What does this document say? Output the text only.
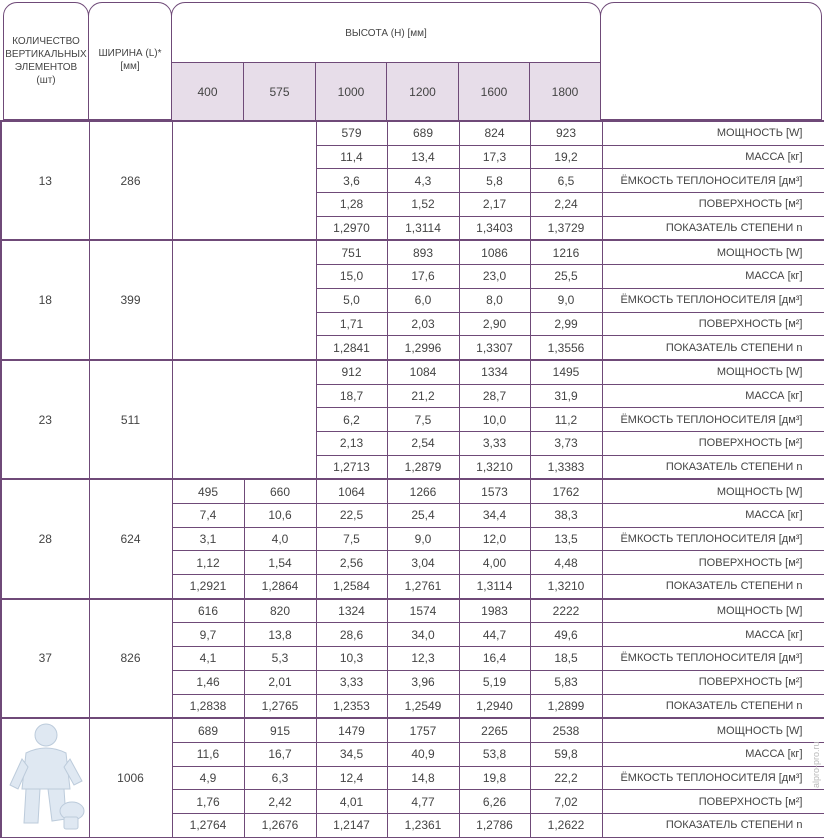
КОЛИЧЕСТВО ВЕРТИКАЛЬНЫХ ЭЛЕМЕНТОВ
(шт)
ШИРИНА (L)*
[мм]
ВЫСОТА (H) [мм]
400	575	1000	1200	1600	1800
13	286			579	689	824	923	МОЩНОСТЬ [W]
				11,4	13,4	17,3	19,2	МАССА [кг]
				3,6	4,3	5,8	6,5	ЁМКОСТЬ ТЕПЛОНОСИТЕЛЯ [дм³]
				1,28	1,52	2,17	2,24	ПОВЕРХНОСТЬ [м²]
				1,2970	1,3114	1,3403	1,3729	ПОКАЗАТЕЛЬ СТЕПЕНИ n
18	399			751	893	1086	1216	МОЩНОСТЬ [W]
				15,0	17,6	23,0	25,5	МАССА [кг]
				5,0	6,0	8,0	9,0	ЁМКОСТЬ ТЕПЛОНОСИТЕЛЯ [дм³]
				1,71	2,03	2,90	2,99	ПОВЕРХНОСТЬ [м²]
				1,2841	1,2996	1,3307	1,3556	ПОКАЗАТЕЛЬ СТЕПЕНИ n
23	511			912	1084	1334	1495	МОЩНОСТЬ [W]
				18,7	21,2	28,7	31,9	МАССА [кг]
				6,2	7,5	10,0	11,2	ЁМКОСТЬ ТЕПЛОНОСИТЕЛЯ [дм³]
				2,13	2,54	3,33	3,73	ПОВЕРХНОСТЬ [м²]
				1,2713	1,2879	1,3210	1,3383	ПОКАЗАТЕЛЬ СТЕПЕНИ n
28	624	495	660	1064	1266	1573	1762	МОЩНОСТЬ [W]
		7,4	10,6	22,5	25,4	34,4	38,3	МАССА [кг]
		3,1	4,0	7,5	9,0	12,0	13,5	ЁМКОСТЬ ТЕПЛОНОСИТЕЛЯ [дм³]
		1,12	1,54	2,56	3,04	4,00	4,48	ПОВЕРХНОСТЬ [м²]
		1,2921	1,2864	1,2584	1,2761	1,3114	1,3210	ПОКАЗАТЕЛЬ СТЕПЕНИ n
37	826	616	820	1324	1574	1983	2222	МОЩНОСТЬ [W]
		9,7	13,8	28,6	34,0	44,7	49,6	МАССА [кг]
		4,1	5,3	10,3	12,3	16,4	18,5	ЁМКОСТЬ ТЕПЛОНОСИТЕЛЯ [дм³]
		1,46	2,01	3,33	3,96	5,19	5,83	ПОВЕРХНОСТЬ [м²]
		1,2838	1,2765	1,2353	1,2549	1,2940	1,2899	ПОКАЗАТЕЛЬ СТЕПЕНИ n
	1006	689	915	1479	1757	2265	2538	МОЩНОСТЬ [W]
		11,6	16,7	34,5	40,9	53,8	59,8	МАССА [кг]
		4,9	6,3	12,4	14,8	19,8	22,2	ЁМКОСТЬ ТЕПЛОНОСИТЕЛЯ [дм³]
		1,76	2,42	4,01	4,77	6,26	7,02	ПОВЕРХНОСТЬ [м²]
		1,2764	1,2676	1,2147	1,2361	1,2786	1,2622	ПОКАЗАТЕЛЬ СТЕПЕНИ n
alpro-pro.ru
